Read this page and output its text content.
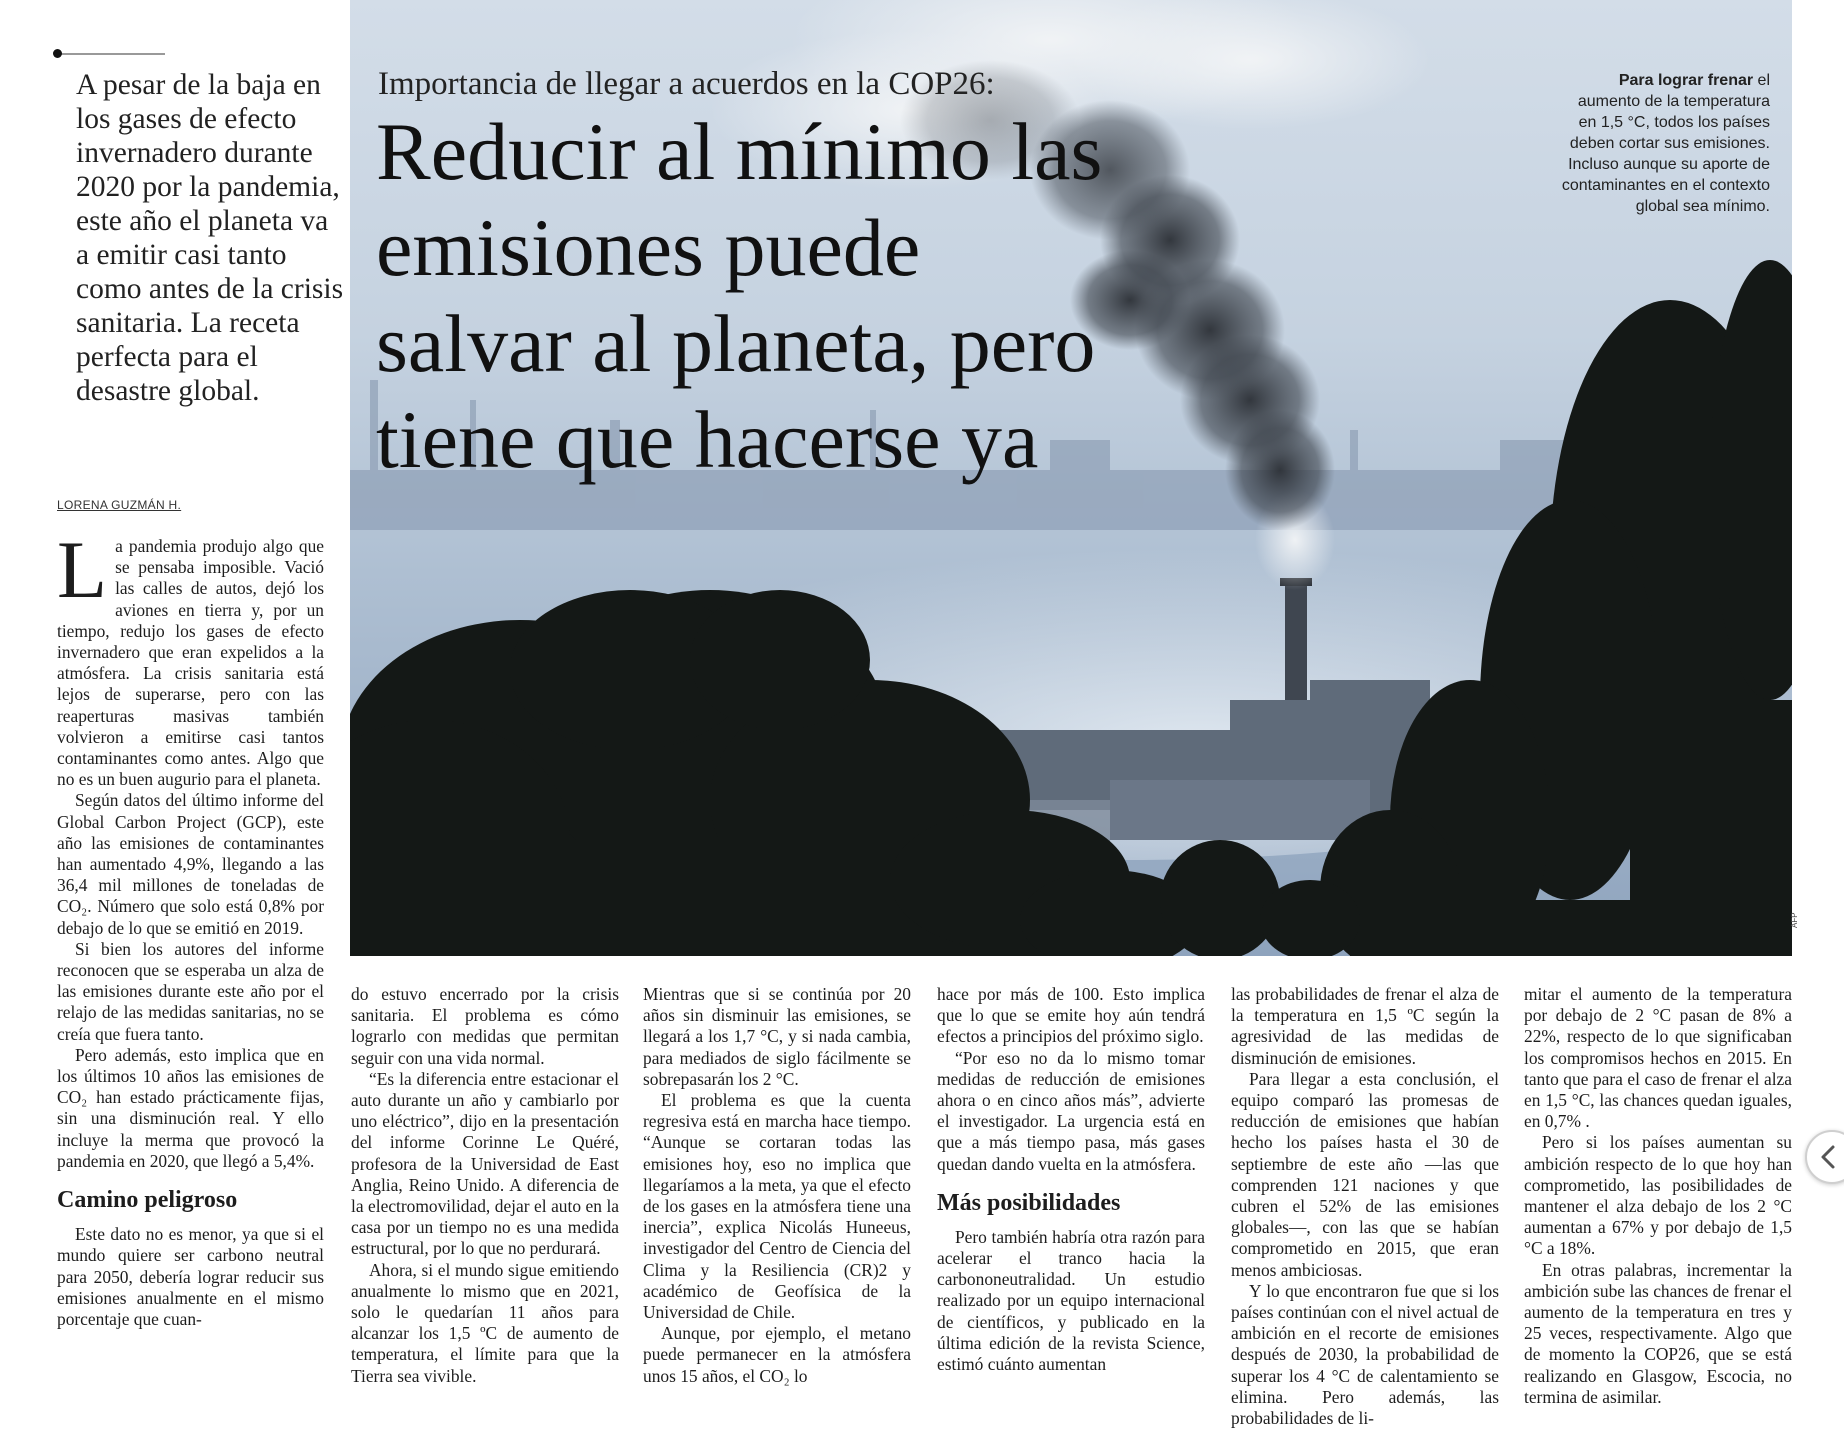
A pesar de la baja en los gases de efecto invernadero durante 2020 por la pandemia, este año el planeta va a emitir casi tanto como antes de la crisis sanitaria. La receta perfecta para el desastre global.
LORENA GUZMÁN H.
Importancia de llegar a acuerdos en la COP26:
Reducir al mínimo las emisiones puede salvar al planeta, pero tiene que hacerse ya
Para lograr frenar el aumento de la temperatura en 1,5 °C, todos los países deben cortar sus emisiones. Incluso aunque su aporte de contaminantes en el contexto global sea mínimo.
AFP

La pandemia produjo algo que se pensaba imposible. Vació las calles de autos, dejó los aviones en tierra y, por un tiempo, redujo los gases de efecto invernadero que eran expelidos a la atmósfera. La crisis sanitaria está lejos de superarse, pero con las reaperturas masivas también volvieron a emitirse casi tantos contaminantes como antes. Algo que no es un buen augurio para el planeta.

Según datos del último informe del Global Carbon Project (GCP), este año las emisiones de contaminantes han aumentado 4,9%, llegando a las 36,4 mil millones de toneladas de CO₂. Número que solo está 0,8% por debajo de lo que se emitió en 2019.

Si bien los autores del informe reconocen que se esperaba un alza de las emisiones durante este año por el relajo de las medidas sanitarias, no se creía que fuera tanto.

Pero además, esto implica que en los últimos 10 años las emisiones de CO₂ han estado prácticamente fijas, sin una disminución real. Y ello incluye la merma que provocó la pandemia en 2020, que llegó a 5,4%.

Camino peligroso

Este dato no es menor, ya que si el mundo quiere ser carbono neutral para 2050, debería lograr reducir sus emisiones anualmente en el mismo porcentaje que cuan-

do estuvo encerrado por la crisis sanitaria. El problema es cómo lograrlo con medidas que permitan seguir con una vida normal.

“Es la diferencia entre estacionar el auto durante un año y cambiarlo por uno eléctrico”, dijo en la presentación del informe Corinne Le Quéré, profesora de la Universidad de East Anglia, Reino Unido. A diferencia de la electromovilidad, dejar el auto en la casa por un tiempo no es una medida estructural, por lo que no perdurará.

Ahora, si el mundo sigue emitiendo anualmente lo mismo que en 2021, solo le quedarían 11 años para alcanzar los 1,5 ºC de aumento de temperatura, el límite para que la Tierra sea vivible.

Mientras que si se continúa por 20 años sin disminuir las emisiones, se llegará a los 1,7 °C, y si nada cambia, para mediados de siglo fácilmente se sobrepasarán los 2 °C.

El problema es que la cuenta regresiva está en marcha hace tiempo. “Aunque se cortaran todas las emisiones hoy, eso no implica que llegaríamos a la meta, ya que el efecto de los gases en la atmósfera tiene una inercia”, explica Nicolás Huneeus, investigador del Centro de Ciencia del Clima y la Resiliencia (CR)2 y académico de Geofísica de la Universidad de Chile.

Aunque, por ejemplo, el metano puede permanecer en la atmósfera unos 15 años, el CO₂ lo

hace por más de 100. Esto implica que lo que se emite hoy aún tendrá efectos a principios del próximo siglo.

“Por eso no da lo mismo tomar medidas de reducción de emisiones ahora o en cinco años más”, advierte el investigador. La urgencia está en que a más tiempo pasa, más gases quedan dando vuelta en la atmósfera.

Más posibilidades

Pero también habría otra razón para acelerar el tranco hacia la carbononeutralidad. Un estudio realizado por un equipo internacional de científicos, y publicado en la última edición de la revista Science, estimó cuánto aumentan

las probabilidades de frenar el alza de la temperatura en 1,5 ºC según la agresividad de las medidas de disminución de emisiones.

Para llegar a esta conclusión, el equipo comparó las promesas de reducción de emisiones que habían hecho los países hasta el 30 de septiembre de este año —las que comprenden 121 naciones y que cubren el 52% de las emisiones globales—, con las que se habían comprometido en 2015, que eran menos ambiciosas.

Y lo que encontraron fue que si los países continúan con el nivel actual de ambición en el recorte de emisiones después de 2030, la probabilidad de superar los 4 °C de calentamiento se elimina. Pero además, las probabilidades de li-

mitar el aumento de la temperatura por debajo de 2 °C pasan de 8% a 22%, respecto de lo que significaban los compromisos hechos en 2015. En tanto que para el caso de frenar el alza en 1,5 °C, las chances quedan iguales, en 0,7% .

Pero si los países aumentan su ambición respecto de lo que hoy han comprometido, las posibilidades de mantener el alza debajo de los 2 °C aumentan a 67% y por debajo de 1,5 °C a 18%.

En otras palabras, incrementar la ambición sube las chances de frenar el aumento de la temperatura en tres y 25 veces, respectivamente. Algo que de momento la COP26, que se está realizando en Glasgow, Escocia, no termina de asimilar.
